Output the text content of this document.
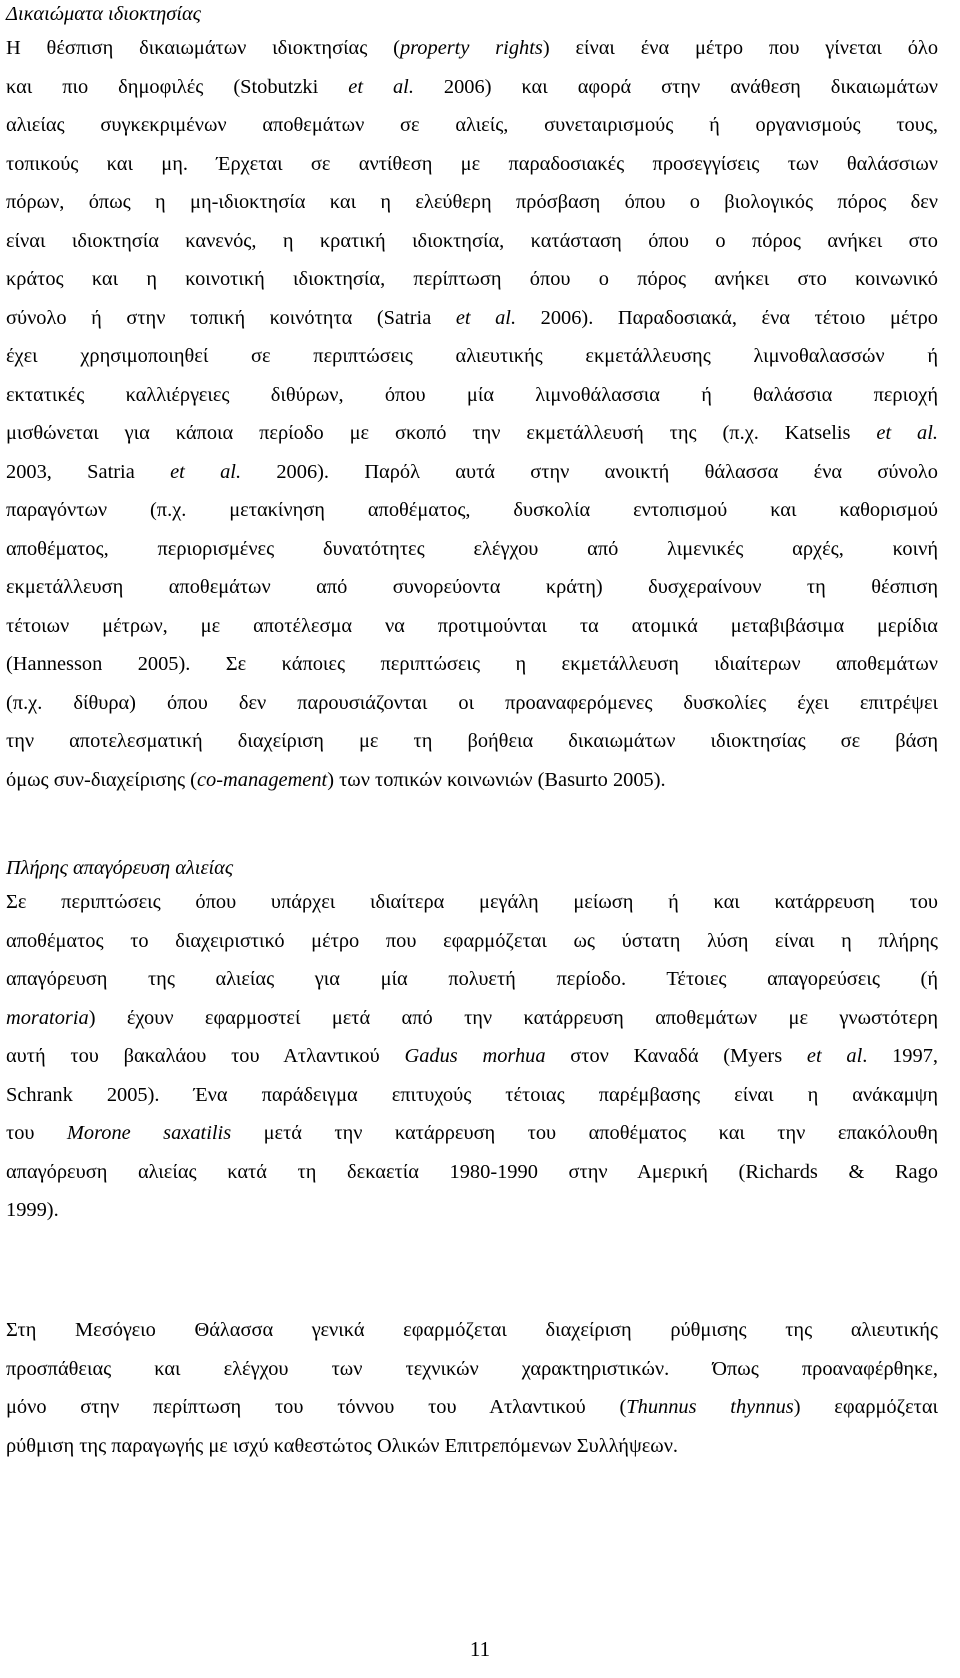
Δικαιώματα ιδιοκτησίας
Η θέσπιση δικαιωμάτων ιδιοκτησίας (property rights) είναι ένα μέτρο που γίνεται όλο
και πιο δημοφιλές (Stobutzki et al. 2006) και αφορά στην ανάθεση δικαιωμάτων
αλιείας συγκεκριμένων αποθεμάτων σε αλιείς, συνεταιρισμούς ή οργανισμούς τους,
τοπικούς και μη. Έρχεται σε αντίθεση με παραδοσιακές προσεγγίσεις των θαλάσσιων
πόρων, όπως η μη-ιδιοκτησία και η ελεύθερη πρόσβαση όπου ο βιολογικός πόρος δεν
είναι ιδιοκτησία κανενός, η κρατική ιδιοκτησία, κατάσταση όπου ο πόρος ανήκει στο
κράτος και η κοινοτική ιδιοκτησία, περίπτωση όπου ο πόρος ανήκει στο κοινωνικό
σύνολο ή στην τοπική κοινότητα (Satria et al. 2006). Παραδοσιακά, ένα τέτοιο μέτρο
έχει χρησιμοποιηθεί σε περιπτώσεις αλιευτικής εκμετάλλευσης λιμνοθαλασσών ή
εκτατικές καλλιέργειες διθύρων, όπου μία λιμνοθάλασσια ή θαλάσσια περιοχή
μισθώνεται για κάποια περίοδο με σκοπό την εκμετάλλευσή της (π.χ. Katselis et al.
2003, Satria et al. 2006). Παρόλ αυτά στην ανοικτή θάλασσα ένα σύνολο
παραγόντων (π.χ. μετακίνηση αποθέματος, δυσκολία εντοπισμού και καθορισμού
αποθέματος, περιορισμένες δυνατότητες ελέγχου από λιμενικές αρχές, κοινή
εκμετάλλευση αποθεμάτων από συνορεύοντα κράτη) δυσχεραίνουν τη θέσπιση
τέτοιων μέτρων, με αποτέλεσμα να προτιμούνται τα ατομικά μεταβιβάσιμα μερίδια
(Hannesson 2005). Σε κάποιες περιπτώσεις η εκμετάλλευση ιδιαίτερων αποθεμάτων
(π.χ. δίθυρα) όπου δεν παρουσιάζονται οι προαναφερόμενες δυσκολίες έχει επιτρέψει
την αποτελεσματική διαχείριση με τη βοήθεια δικαιωμάτων ιδιοκτησίας σε βάση
όμως συν-διαχείρισης (co-management) των τοπικών κοινωνιών (Basurto 2005).
Πλήρης απαγόρευση αλιείας
Σε περιπτώσεις όπου υπάρχει ιδιαίτερα μεγάλη μείωση ή και κατάρρευση του
αποθέματος το διαχειριστικό μέτρο που εφαρμόζεται ως ύστατη λύση είναι η πλήρης
απαγόρευση της αλιείας για μία πολυετή περίοδο. Τέτοιες απαγορεύσεις (ή
moratoria) έχουν εφαρμοστεί μετά από την κατάρρευση αποθεμάτων με γνωστότερη
αυτή του βακαλάου του Ατλαντικού Gadus morhua στον Καναδά (Myers et al. 1997,
Schrank 2005). Ένα παράδειγμα επιτυχούς τέτοιας παρέμβασης είναι η ανάκαμψη
του Morone saxatilis μετά την κατάρρευση του αποθέματος και την επακόλουθη
απαγόρευση αλιείας κατά τη δεκαετία 1980-1990 στην Αμερική (Richards & Rago
1999).
Στη Μεσόγειο Θάλασσα γενικά εφαρμόζεται διαχείριση ρύθμισης της αλιευτικής
προσπάθειας και ελέγχου των τεχνικών χαρακτηριστικών. Όπως προαναφέρθηκε,
μόνο στην περίπτωση του τόννου του Ατλαντικού (Thunnus thynnus) εφαρμόζεται
ρύθμιση της παραγωγής με ισχύ καθεστώτος Ολικών Επιτρεπόμενων Συλλήψεων.
11
